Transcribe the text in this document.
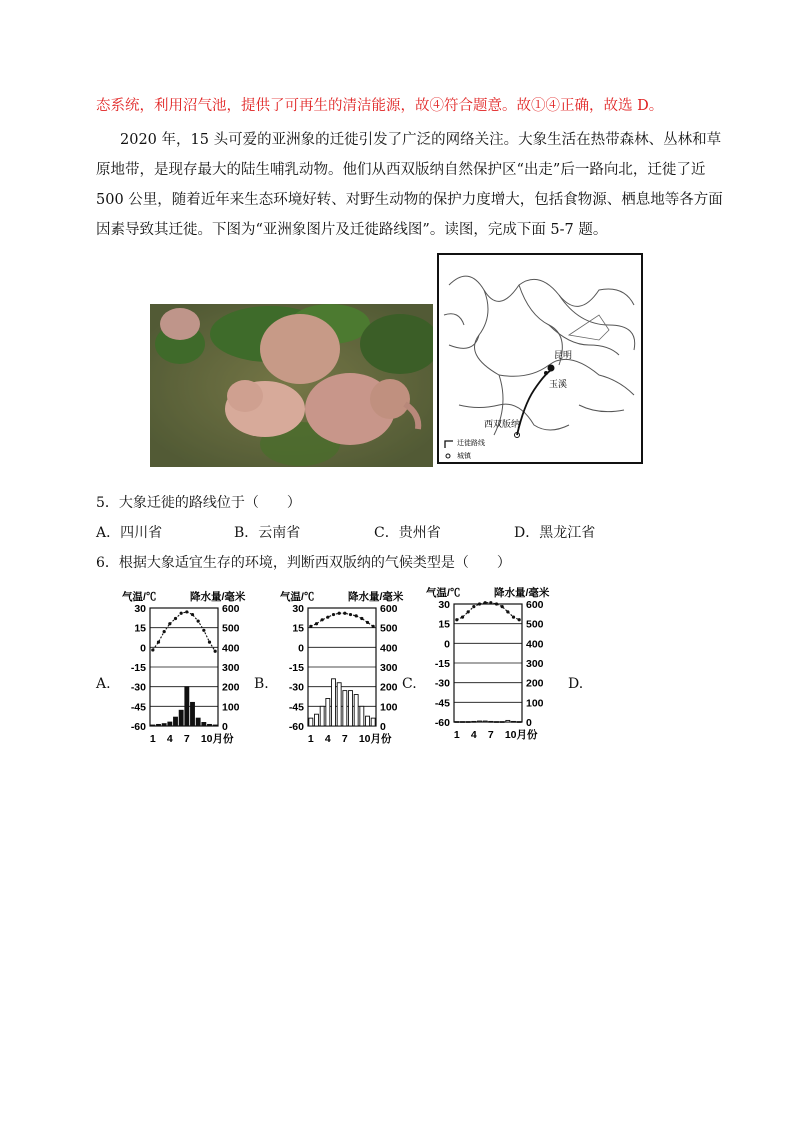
态系统，利用沼气池，提供了可再生的清洁能源，故④符合题意。故①④正确，故选 D。
2020 年，15 头可爱的亚洲象的迁徙引发了广泛的网络关注。大象生活在热带森林、丛林和草
原地带，是现存最大的陆生哺乳动物。他们从西双版纳自然保护区“出走”后一路向北，迁徙了近
500 公里，随着近年来生态环境好转、对野生动物的保护力度增大，包括食物源、栖息地等各方面
因素导致其迁徙。下图为“亚洲象图片及迁徙路线图”。读图，完成下面 5-7 题。
昆明
玉溪
西双版纳
迁徙路线
城镇
5．大象迁徙的路线位于（　　）
A．四川省	B．云南省	C．贵州省	D．黑龙江省
6．根据大象适宜生存的环境，判断西双版纳的气候类型是（　　）
A.	B.	C.	D.
气温/℃	降水量/毫米
30	600
15	500
0	400
-15	300
-30	200
-45	100
-60	0
1 4 7 10月份
气温/℃	降水量/毫米
30	600
15	500
0	400
-15	300
-30	200
-45	100
-60	0
1 4 7 10月份
气温/℃	降水量/毫米
30	600
15	500
0	400
-15	300
-30	200
-45	100
-60	0
1 4 7 10月份
